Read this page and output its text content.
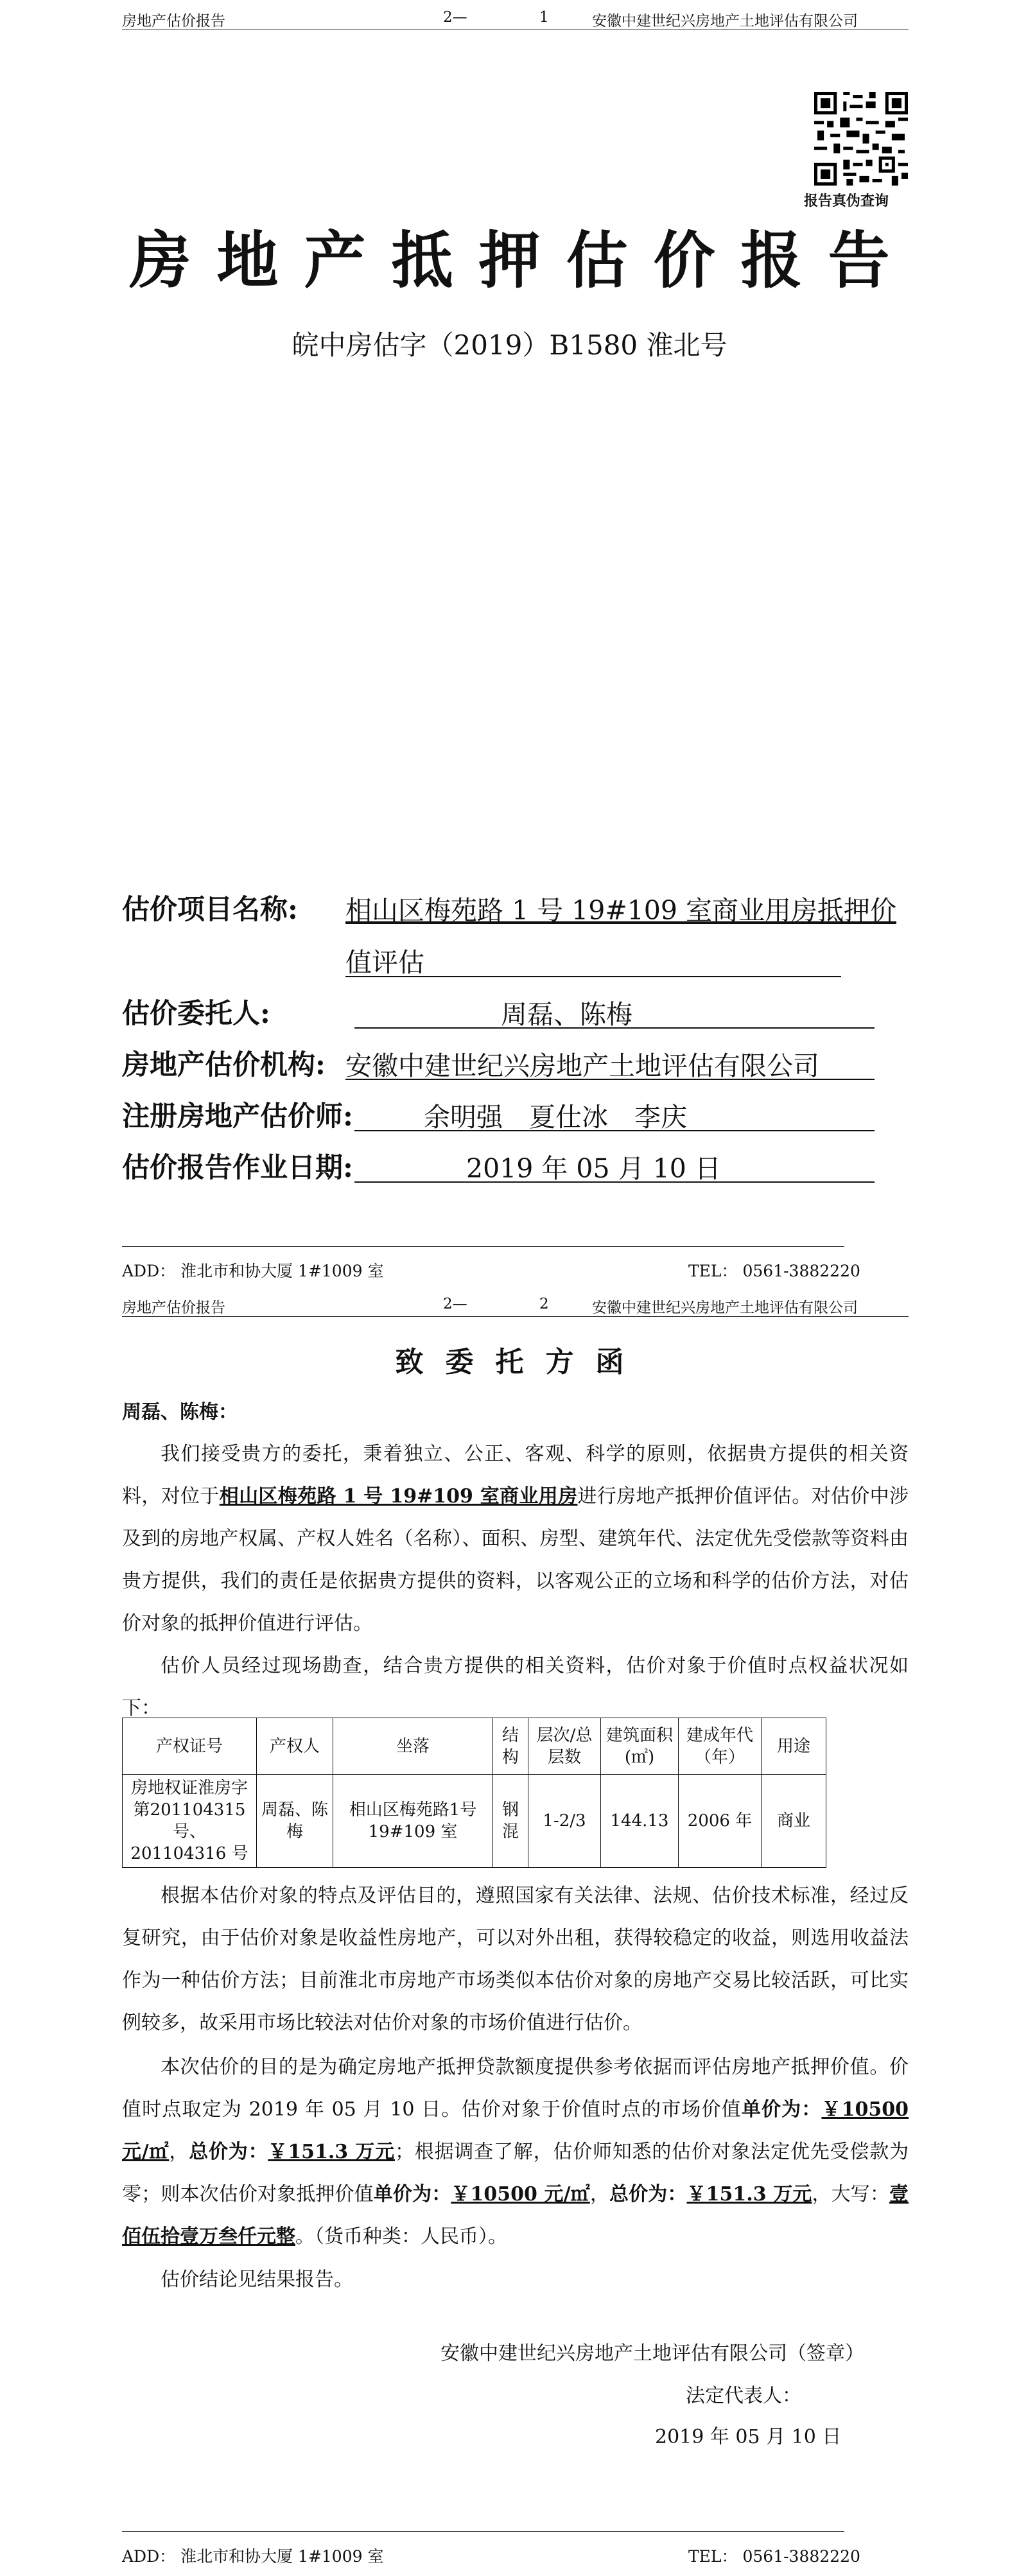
房地产估价报告	2—	1	安徽中建世纪兴房地产土地评估有限公司
报告真伪查询
房地产抵押估价报告
皖中房估字（2019）B1580 淮北号
估价项目名称: 相山区梅苑路 1 号 19#109 室商业用房抵押价
值评估
估价委托人:	周磊、陈梅
房地产估价机构: 安徽中建世纪兴房地产土地评估有限公司
注册房地产估价师:	余明强　夏仕冰　李庆
估价报告作业日期:	2019 年 05 月 10 日
ADD： 淮北市和协大厦 1#1009 室	TEL： 0561-3882220
房地产估价报告	2—	2	安徽中建世纪兴房地产土地评估有限公司
致委托方函
周磊、陈梅：

我们接受贵方的委托，秉着独立、公正、客观、科学的原则，依据贵方提供的相关资料，对位于相山区梅苑路 1 号 19#109 室商业用房进行房地产抵押价值评估。对估价中涉及到的房地产权属、产权人姓名（名称）、面积、房型、建筑年代、法定优先受偿款等资料由贵方提供，我们的责任是依据贵方提供的资料，以客观公正的立场和科学的估价方法，对估价对象的抵押价值进行评估。

估价人员经过现场勘查，结合贵方提供的相关资料，估价对象于价值时点权益状况如下：

产权证号	产权人	坐落	结构	层次/总层数	建筑面积(㎡)	建成年代（年）	用途
房地权证淮房字第201104315 号、201104316 号	周磊、陈梅	相山区梅苑路1号19#109 室	钢混	1-2/3	144.13	2006 年	商业

根据本估价对象的特点及评估目的，遵照国家有关法律、法规、估价技术标准，经过反复研究，由于估价对象是收益性房地产，可以对外出租，获得较稳定的收益，则选用收益法作为一种估价方法；目前淮北市房地产市场类似本估价对象的房地产交易比较活跃，可比实例较多，故采用市场比较法对估价对象的市场价值进行估价。

本次估价的目的是为确定房地产抵押贷款额度提供参考依据而评估房地产抵押价值。价值时点取定为 2019 年 05 月 10 日。估价对象于价值时点的市场价值单价为：￥10500 元/㎡，总价为：￥151.3 万元；根据调查了解，估价师知悉的估价对象法定优先受偿款为零；则本次估价对象抵押价值单价为：￥10500 元/㎡，总价为：￥151.3 万元，大写：壹佰伍拾壹万叁仟元整。（货币种类：人民币）。

估价结论见结果报告。

安徽中建世纪兴房地产土地评估有限公司（签章）
法定代表人：
2019 年 05 月 10 日
ADD： 淮北市和协大厦 1#1009 室	TEL： 0561-3882220
